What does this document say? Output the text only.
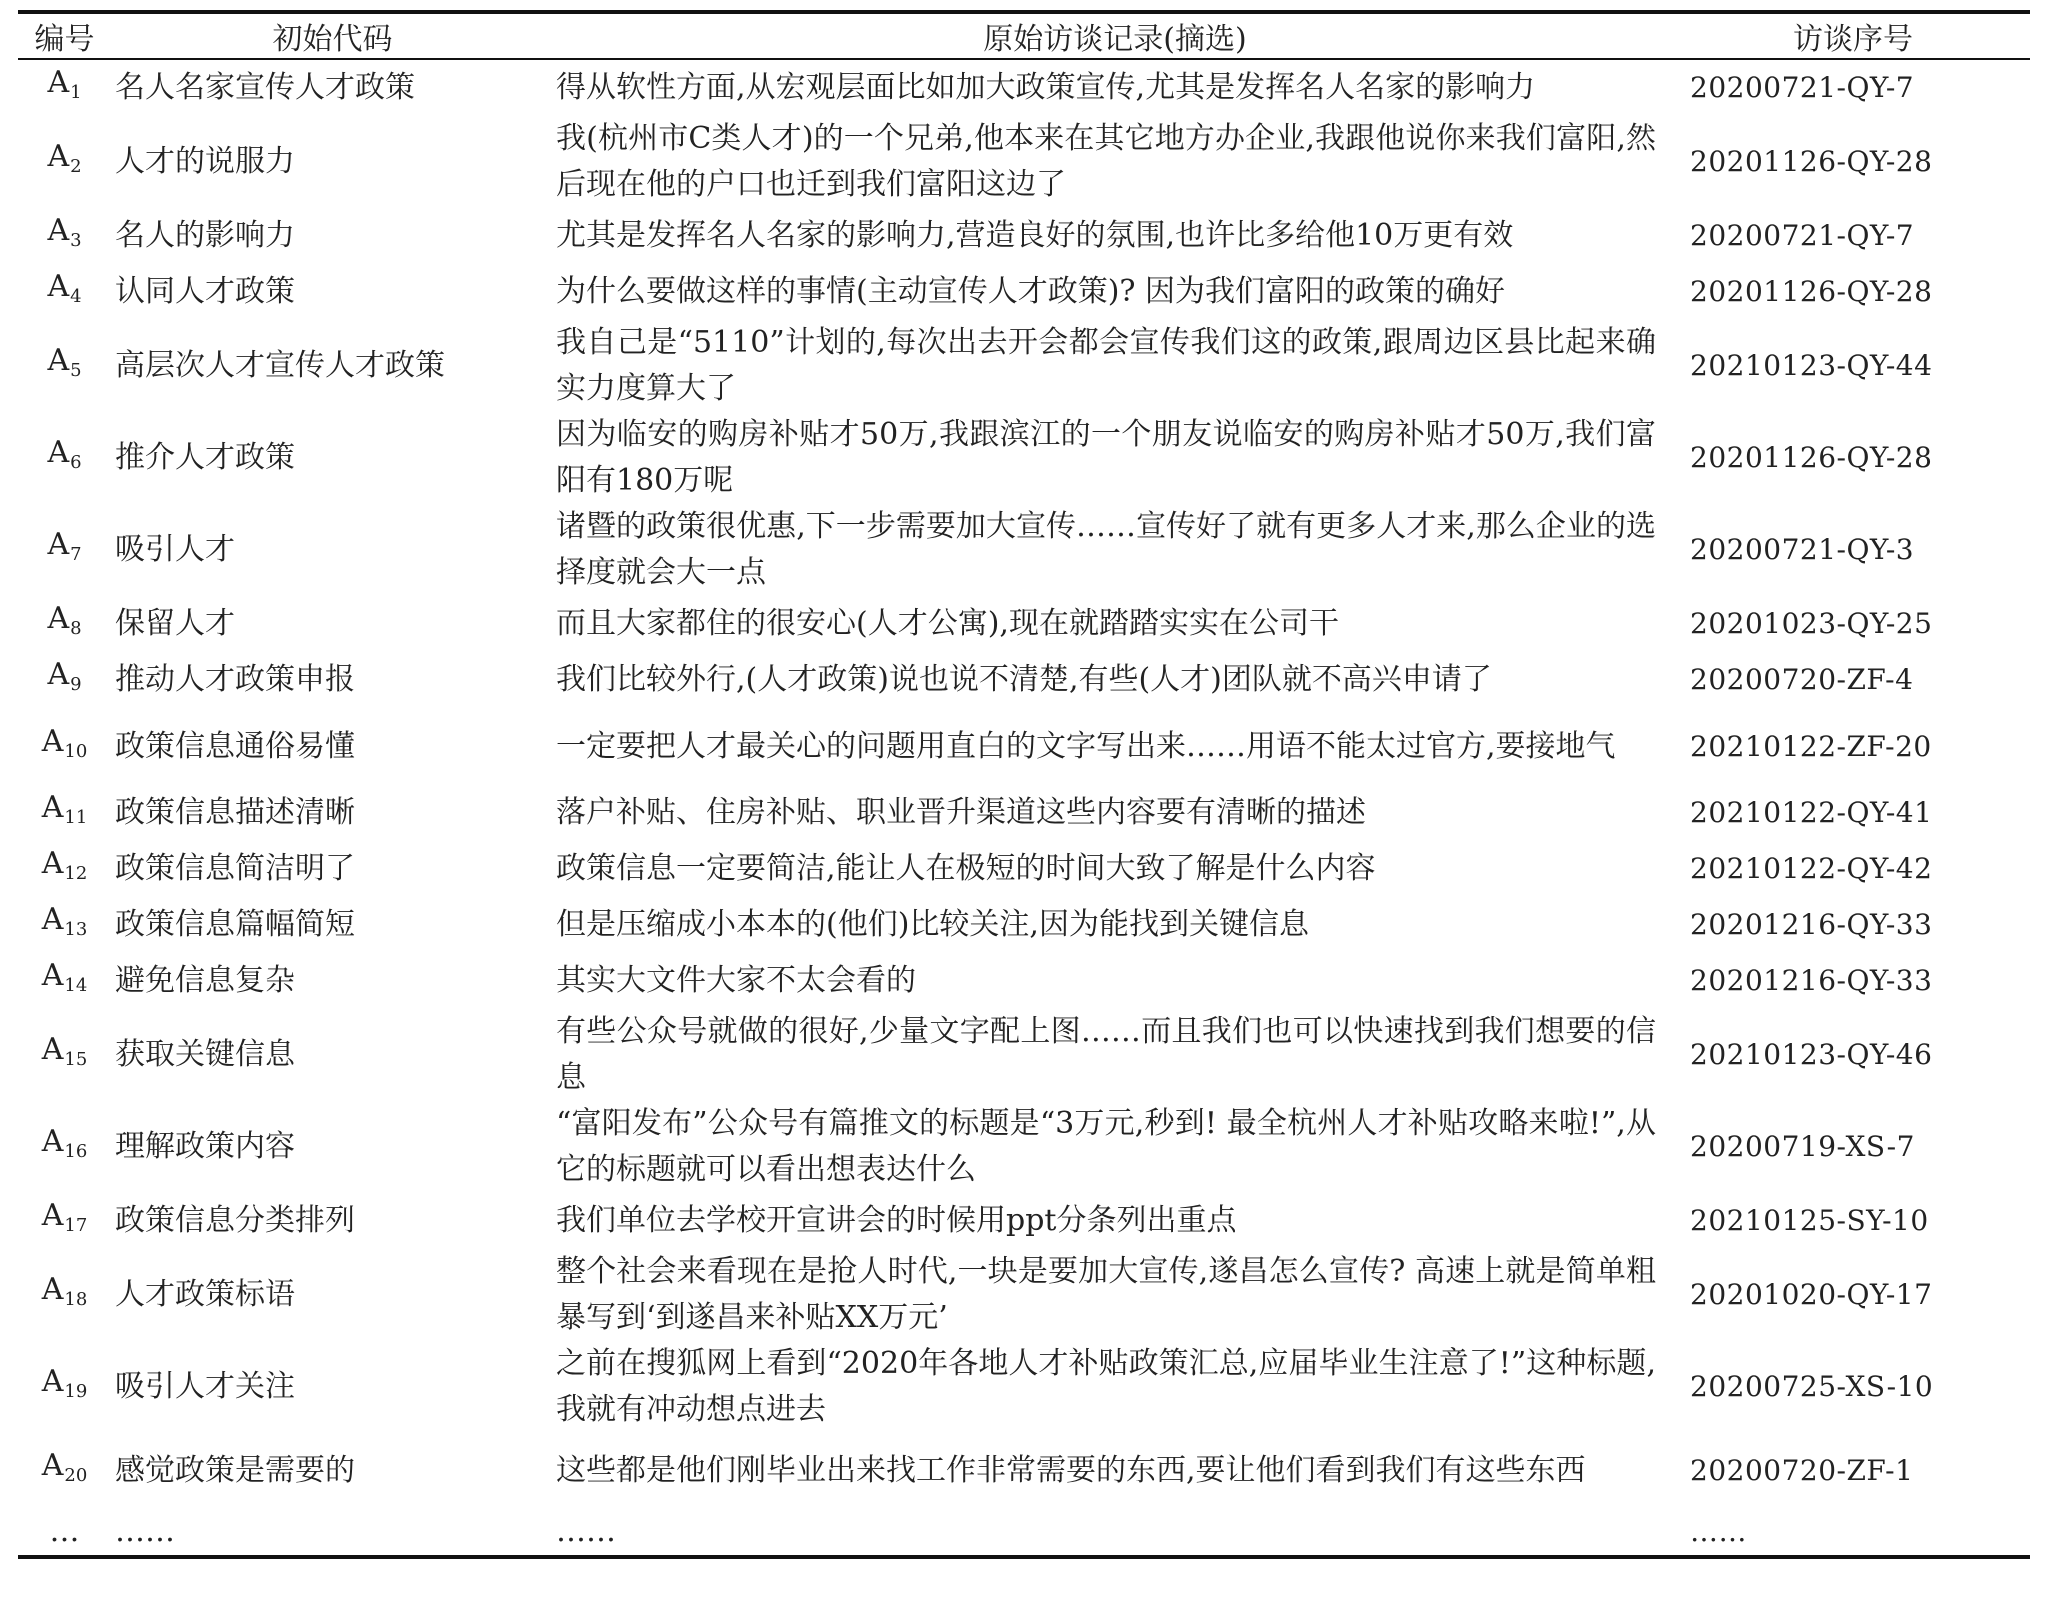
编号	初始代码	原始访谈记录(摘选)	访谈序号
$A_1$	名人名家宣传人才政策	得从软性方面,从宏观层面比如加大政策宣传,尤其是发挥名人名家的影响力	20200721-QY-7
$A_2$	人才的说服力	我(杭州市C类人才)的一个兄弟,他本来在其它地方办企业,我跟他说你来我们富阳,然后现在他的户口也迁到我们富阳这边了	20201126-QY-28
$A_3$	名人的影响力	尤其是发挥名人名家的影响力,营造良好的氛围,也许比多给他10万更有效	20200721-QY-7
$A_4$	认同人才政策	为什么要做这样的事情(主动宣传人才政策)? 因为我们富阳的政策的确好	20201126-QY-28
$A_5$	高层次人才宣传人才政策	我自己是“5110”计划的,每次出去开会都会宣传我们这的政策,跟周边区县比起来确实力度算大了	20210123-QY-44
$A_6$	推介人才政策	因为临安的购房补贴才50万,我跟滨江的一个朋友说临安的购房补贴才50万,我们富阳有180万呢	20201126-QY-28
$A_7$	吸引人才	诸暨的政策很优惠,下一步需要加大宣传……宣传好了就有更多人才来,那么企业的选择度就会大一点	20200721-QY-3
$A_8$	保留人才	而且大家都住的很安心(人才公寓),现在就踏踏实实在公司干	20201023-QY-25
$A_9$	推动人才政策申报	我们比较外行,(人才政策)说也说不清楚,有些(人才)团队就不高兴申请了	20200720-ZF-4
$A_{10}$	政策信息通俗易懂	一定要把人才最关心的问题用直白的文字写出来……用语不能太过官方,要接地气	20210122-ZF-20
$A_{11}$	政策信息描述清晰	落户补贴、住房补贴、职业晋升渠道这些内容要有清晰的描述	20210122-QY-41
$A_{12}$	政策信息简洁明了	政策信息一定要简洁,能让人在极短的时间大致了解是什么内容	20210122-QY-42
$A_{13}$	政策信息篇幅简短	但是压缩成小本本的(他们)比较关注,因为能找到关键信息	20201216-QY-33
$A_{14}$	避免信息复杂	其实大文件大家不太会看的	20201216-QY-33
$A_{15}$	获取关键信息	有些公众号就做的很好,少量文字配上图……而且我们也可以快速找到我们想要的信息	20210123-QY-46
$A_{16}$	理解政策内容	“富阳发布”公众号有篇推文的标题是“3万元,秒到! 最全杭州人才补贴攻略来啦!”,从它的标题就可以看出想表达什么	20200719-XS-7
$A_{17}$	政策信息分类排列	我们单位去学校开宣讲会的时候用ppt分条列出重点	20210125-SY-10
$A_{18}$	人才政策标语	整个社会来看现在是抢人时代,一块是要加大宣传,遂昌怎么宣传? 高速上就是简单粗暴写到‘到遂昌来补贴XX万元’	20201020-QY-17
$A_{19}$	吸引人才关注	之前在搜狐网上看到“2020年各地人才补贴政策汇总,应届毕业生注意了!”这种标题,我就有冲动想点进去	20200725-XS-10
$A_{20}$	感觉政策是需要的	这些都是他们刚毕业出来找工作非常需要的东西,要让他们看到我们有这些东西	20200720-ZF-1
…	……	……	……
